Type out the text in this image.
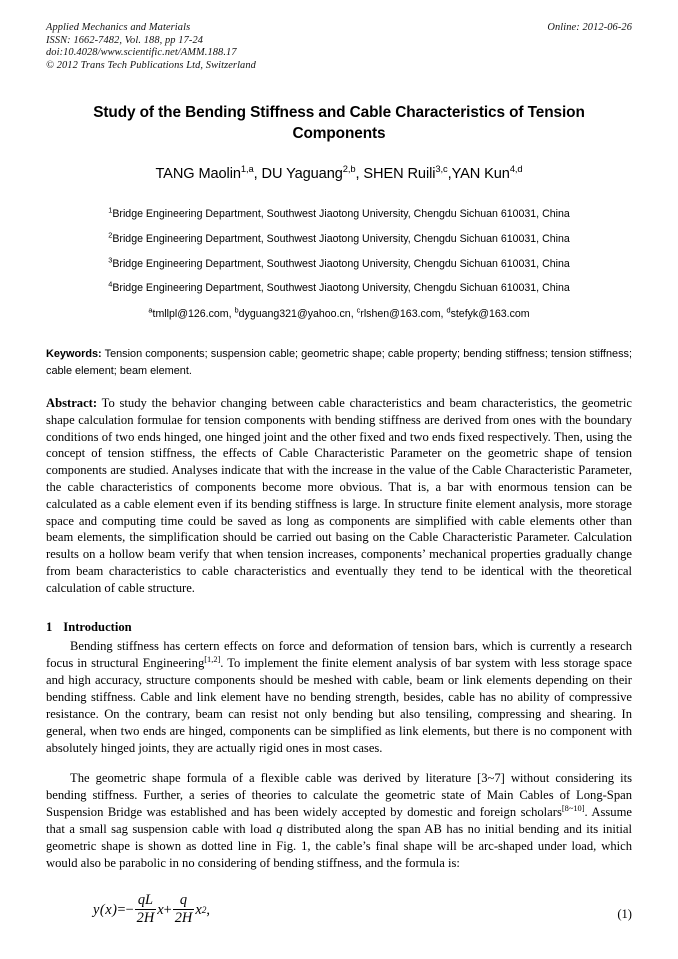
Online: 2012-06-26
Applied Mechanics and Materials
ISSN: 1662-7482, Vol. 188, pp 17-24
doi:10.4028/www.scientific.net/AMM.188.17
© 2012 Trans Tech Publications Ltd, Switzerland
Study of the Bending Stiffness and Cable Characteristics of Tension Components
TANG Maolin$^{1,a}$, DU Yaguang$^{2,b}$, SHEN Ruili$^{3,c}$,YAN Kun$^{4,d}$
$^1$Bridge Engineering Department, Southwest Jiaotong University, Chengdu Sichuan 610031, China
$^2$Bridge Engineering Department, Southwest Jiaotong University, Chengdu Sichuan 610031, China
$^3$Bridge Engineering Department, Southwest Jiaotong University, Chengdu Sichuan 610031, China
$^4$Bridge Engineering Department, Southwest Jiaotong University, Chengdu Sichuan 610031, China
$^a$tmllpl@126.com, $^b$dyguang321@yahoo.cn, $^c$rlshen@163.com, $^d$stefyk@163.com
Keywords: Tension components; suspension cable; geometric shape; cable property; bending stiffness; tension stiffness; cable element; beam element.
Abstract: To study the behavior changing between cable characteristics and beam characteristics, the geometric shape calculation formulae for tension components with bending stiffness are derived from ones with the boundary conditions of two ends hinged, one hinged joint and the other fixed and two ends fixed respectively. Then, using the concept of tension stiffness, the effects of Cable Characteristic Parameter on the geometric shape of tension components are studied. Analyses indicate that with the increase in the value of the Cable Characteristic Parameter, the cable characteristics of components become more obvious. That is, a bar with enormous tension can be calculated as a cable element even if its bending stiffness is large. In structure finite element analysis, more storage space and computing time could be saved as long as components are simplified with cable elements other than beam elements, the simplification should be carried out basing on the Cable Characteristic Parameter. Calculation results on a hollow beam verify that when tension increases, components’ mechanical properties gradually change from beam characteristics to cable characteristics and eventually they tend to be identical with the theoretical calculation of cable structure.
1 Introduction

Bending stiffness has certern effects on force and deformation of tension bars, which is currently a research focus in structural Engineering[1,2]. To implement the finite element analysis of bar system with less storage space and high accuracy, structure components should be meshed with cable, beam or link elements depending on their bending stiffness. Cable and link element have no bending strength, besides, cable has no ability of compressive resistance. On the contrary, beam can resist not only bending but also tensiling, compressing and shearing. In general, when two ends are hinged, components can be simplified as link elements, but there is no component with absolutely hinged joints, they are actually rigid ones in most cases.

The geometric shape formula of a flexible cable was derived by literature [3~7] without considering its bending stiffness. Further, a series of theories to calculate the geometric state of Main Cables of Long-Span Suspension Bridge was established and has been widely accepted by domestic and foreign scholars[8~10]. Assume that a small sag suspension cable with load q distributed along the span AB has no initial bending and its initial geometric shape is shown as dotted line in Fig. 1, the cable’s final shape will be arc-shaped under load, which would also be parabolic in no considering of bending stiffness, and the formula is:

y ( x ) = − $\frac{qL}{2H}$ $x + \frac{q}{2H}$ x 2 ,	(1)
